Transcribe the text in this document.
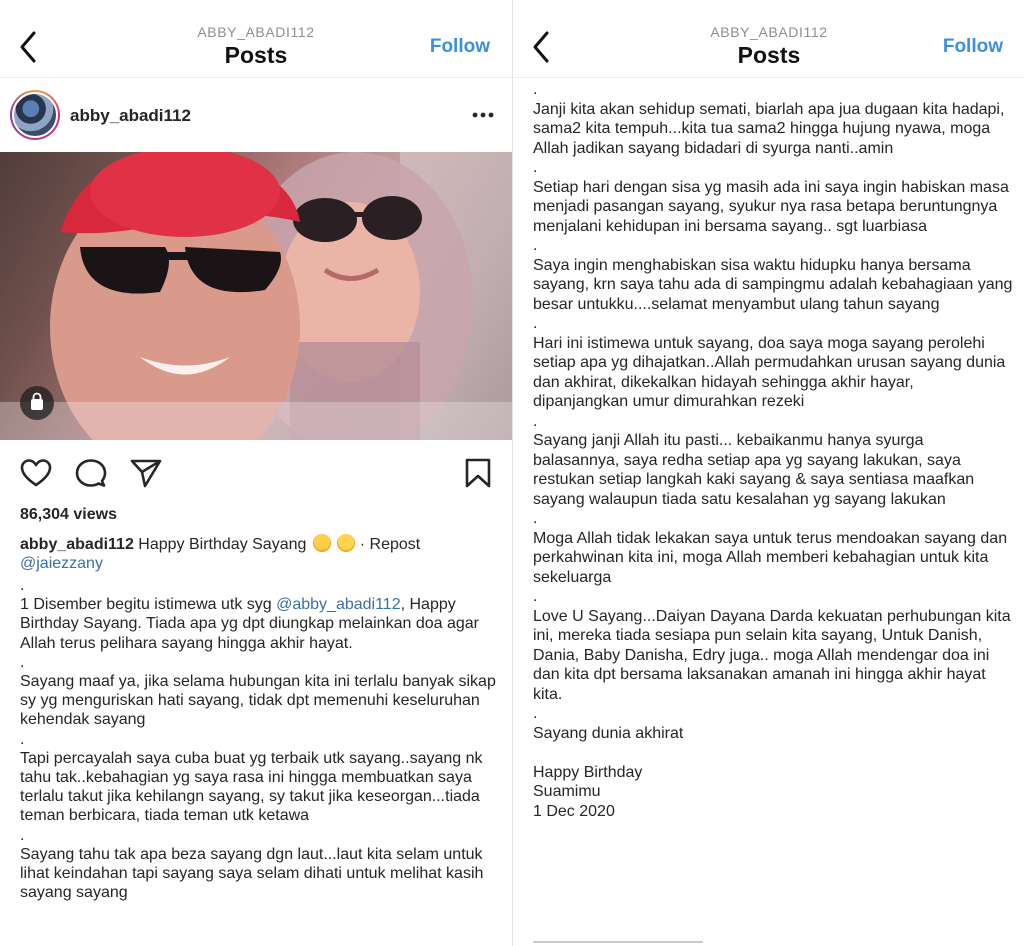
ABBY_ABADI112
Posts	Follow
abby_abadi112
86,304 views
abby_abadi112 Happy Birthday Sayang	· Repost
@jaiezzany
.
1 Disember begitu istimewa utk syg @abby_abadi112, Happy Birthday Sayang. Tiada apa yg dpt diungkap melainkan doa agar Allah terus pelihara sayang hingga akhir hayat.
.
Sayang maaf ya, jika selama hubungan kita ini terlalu banyak sikap sy yg menguriskan hati sayang, tidak dpt memenuhi keseluruhan kehendak sayang
.
Tapi percayalah saya cuba buat yg terbaik utk sayang..sayang nk tahu tak..kebahagian yg saya rasa ini hingga membuatkan saya terlalu takut jika kehilangn sayang, sy takut jika keseorgan...tiada teman berbicara, tiada teman utk ketawa
.
Sayang tahu tak apa beza sayang dgn laut...laut kita selam untuk lihat keindahan tapi sayang saya selam dihati untuk melihat kasih sayang sayang
ABBY_ABADI112
Posts	Follow
.
Janji kita akan sehidup semati, biarlah apa jua dugaan kita hadapi, sama2 kita tempuh...kita tua sama2 hingga hujung nyawa, moga Allah jadikan sayang bidadari di syurga nanti..amin
.
Setiap hari dengan sisa yg masih ada ini saya ingin habiskan masa menjadi pasangan sayang, syukur nya rasa betapa beruntungnya  menjalani kehidupan ini bersama sayang.. sgt luarbiasa
.
Saya ingin menghabiskan sisa waktu hidupku hanya bersama sayang, krn saya tahu ada di sampingmu adalah kebahagiaan yang besar untukku....selamat menyambut ulang tahun sayang
.
Hari ini istimewa untuk sayang, doa saya moga sayang perolehi setiap apa yg dihajatkan..Allah permudahkan urusan sayang dunia dan akhirat, dikekalkan hidayah sehingga akhir hayar, dipanjangkan umur dimurahkan rezeki
.
Sayang janji Allah itu pasti... kebaikanmu hanya syurga balasannya, saya redha setiap apa yg sayang lakukan, saya restukan setiap langkah kaki sayang & saya sentiasa maafkan sayang walaupun tiada satu kesalahan yg sayang lakukan
.
Moga Allah tidak lekakan saya untuk terus mendoakan sayang dan perkahwinan kita ini, moga Allah memberi kebahagian untuk kita sekeluarga
.
Love U Sayang...Daiyan Dayana Darda kekuatan perhubungan kita ini, mereka tiada sesiapa pun selain kita sayang, Untuk Danish, Dania, Baby Danisha, Edry juga.. moga Allah mendengar doa ini dan kita dpt bersama laksanakan amanah ini hingga akhir hayat kita.
.
Sayang dunia akhirat

Happy Birthday
Suamimu
1 Dec 2020
